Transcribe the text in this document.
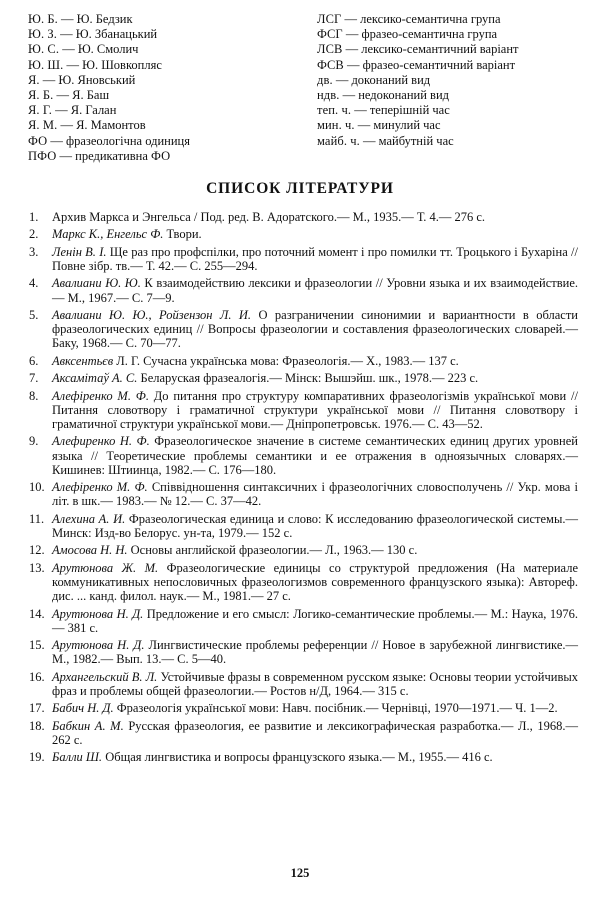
Ю. Б. — Ю. Бедзик
Ю. З. — Ю. Збанацький
Ю. С. — Ю. Смолич
Ю. Ш. — Ю. Шовкопляс
Я. — Ю. Яновський
Я. Б. — Я. Баш
Я. Г. — Я. Галан
Я. М. — Я. Мамонтов
ФО — фразеологічна одиниця
ПФО — предикативна ФО
ЛСГ — лексико-семантична група
ФСГ — фразео-семантична група
ЛСВ — лексико-семантичний варіант
ФСВ — фразео-семантичний варіант
дв. — доконаний вид
ндв. — недоконаний вид
теп. ч. — теперішній час
мин. ч. — минулий час
майб. ч. — майбутній час
СПИСОК ЛІТЕРАТУРИ
1.	Архив Маркса и Энгельса / Под. ред. В. Адоратского.— М., 1935.— Т. 4.— 276 с.
2.	Маркс К., Енгельс Ф. Твори.
3.	Ленін В. І. Ще раз про профспілки, про поточний момент і про помилки тт. Троцького і Бухаріна // Повне зібр. тв.— Т. 42.— С. 255—294.
4.	Авалиани Ю. Ю. К взаимодействию лексики и фразеологии // Уровни языка и их взаимодействие.— М., 1967.— С. 7—9.
5.	Авалиани Ю. Ю., Ройзензон Л. И. О разграничении синонимии и вариантности в области фразеологических единиц // Вопросы фразеологии и составления фразеологических словарей.— Баку, 1968.— С. 70—77.
6.	Авксентьєв Л. Г. Сучасна українська мова: Фразеологія.— Х., 1983.— 137 с.
7.	Аксамітаў А. С. Беларуская фразеалогія.— Мінск: Вышэйш. шк., 1978.— 223 с.
8.	Алефіренко М. Ф. До питання про структуру компаративних фразеологізмів української мови // Питання словотвору і граматичної структури української мови // Питання словотвору і граматичної структури української мови.— Дніпропетровськ. 1976.— С. 43—52.
9.	Алефиренко Н. Ф. Фразеологическое значение в системе семантических единиц других уровней языка // Теоретические проблемы семантики и ее отражения в одноязычных словарях.— Кишинев: Штиинца, 1982.— С. 176—180.
10. Алефіренко М. Ф. Співвідношення синтаксичних і фразеологічних словосполучень // Укр. мова і літ. в шк.— 1983.— № 12.— С. 37—42.
11. Алехина А. И. Фразеологическая единица и слово: К исследованию фразеологической системы.— Минск: Изд-во Белорус. ун-та, 1979.— 152 с.
12. Амосова Н. Н. Основы английской фразеологии.— Л., 1963.— 130 с.
13. Арутюнова Ж. М. Фразеологические единицы со структурой предложения (На материале коммуникативных непословичных фразеологизмов современного французского языка): Автореф. дис. ... канд. филол. наук.— М., 1981.— 27 с.
14. Арутюнова Н. Д. Предложение и его смысл: Логико-семантические проблемы.— М.: Наука, 1976.— 381 с.
15. Арутюнова Н. Д. Лингвистические проблемы референции // Новое в зарубежной лингвистике.— М., 1982.— Вып. 13.— С. 5—40.
16. Архангельский В. Л. Устойчивые фразы в современном русском языке: Основы теории устойчивых фраз и проблемы общей фразеологии.— Ростов н/Д, 1964.— 315 с.
17. Бабич Н. Д. Фразеологія української мови: Навч. посібник.— Чернівці, 1970—1971.— Ч. 1—2.
18. Бабкин А. М. Русская фразеология, ее развитие и лексикографическая разработка.— Л., 1968.— 262 с.
19. Балли Ш. Общая лингвистика и вопросы французского языка.— М., 1955.— 416 с.
125
